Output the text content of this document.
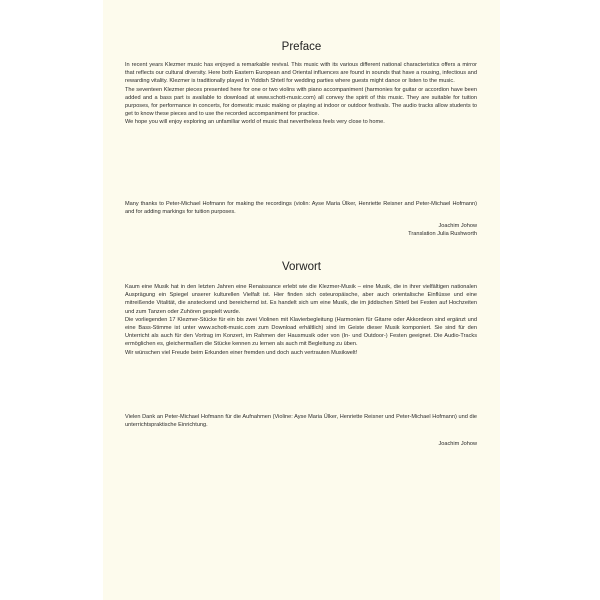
Preface

In recent years Klezmer music has enjoyed a remarkable revival. This music with its various different national characteristics offers a mirror that reflects our cultural diversity. Here both Eastern European and Oriental influences are found in sounds that have a rousing, infectious and rewarding vitality. Klezmer is traditionally played in Yiddish Shtetl for wedding parties where guests might dance or listen to the music.

The seventeen Klezmer pieces presented here for one or two violins with piano accompaniment (harmonies for guitar or accordion have been added and a bass part is available to download at www.schott-music.com) all convey the spirit of this music. They are suitable for tuition purposes, for performance in concerts, for domestic music making or playing at indoor or outdoor festivals. The audio tracks allow students to get to know these pieces and to use the recorded accompaniment for practice.

We hope you will enjoy exploring an unfamiliar world of music that nevertheless feels very close to home.

Many thanks to Peter-Michael Hofmann for making the recordings (violin: Ayse Maria Ülker, Henriette Reisner and Peter-Michael Hofmann) and for adding markings for tuition purposes.

Joachim Johow
Translation Julia Rushworth
Vorwort

Kaum eine Musik hat in den letzten Jahren eine Renaissance erlebt wie die Klezmer-Musik – eine Musik, die in ihrer vielfältigen nationalen Ausprägung ein Spiegel unserer kulturellen Vielfalt ist. Hier finden sich osteuropäische, aber auch orientalische Einflüsse und eine mitreißende Vitalität, die ansteckend und bereichernd ist. Es handelt sich um eine Musik, die im jiddischen Shtetl bei Festen auf Hochzeiten und zum Tanzen oder Zuhören gespielt wurde.

Die vorliegenden 17 Klezmer-Stücke für ein bis zwei Violinen mit Klavierbegleitung (Harmonien für Gitarre oder Akkordeon sind ergänzt und eine Bass-Stimme ist unter www.schott-music.com zum Download erhältlich) sind im Geiste dieser Musik komponiert. Sie sind für den Unterricht als auch für den Vortrag im Konzert, im Rahmen der Hausmusik oder von (In- und Outdoor-) Festen geeignet. Die Audio-Tracks ermöglichen es, gleichermaßen die Stücke kennen zu lernen als auch mit Begleitung zu üben.

Wir wünschen viel Freude beim Erkunden einer fremden und doch auch vertrauten Musikwelt!

Vielen Dank an Peter-Michael Hofmann für die Aufnahmen (Violine: Ayse Maria Ülker, Henriette Reisner und Peter-Michael Hofmann) und die unterrichtspraktische Einrichtung.

Joachim Johow
